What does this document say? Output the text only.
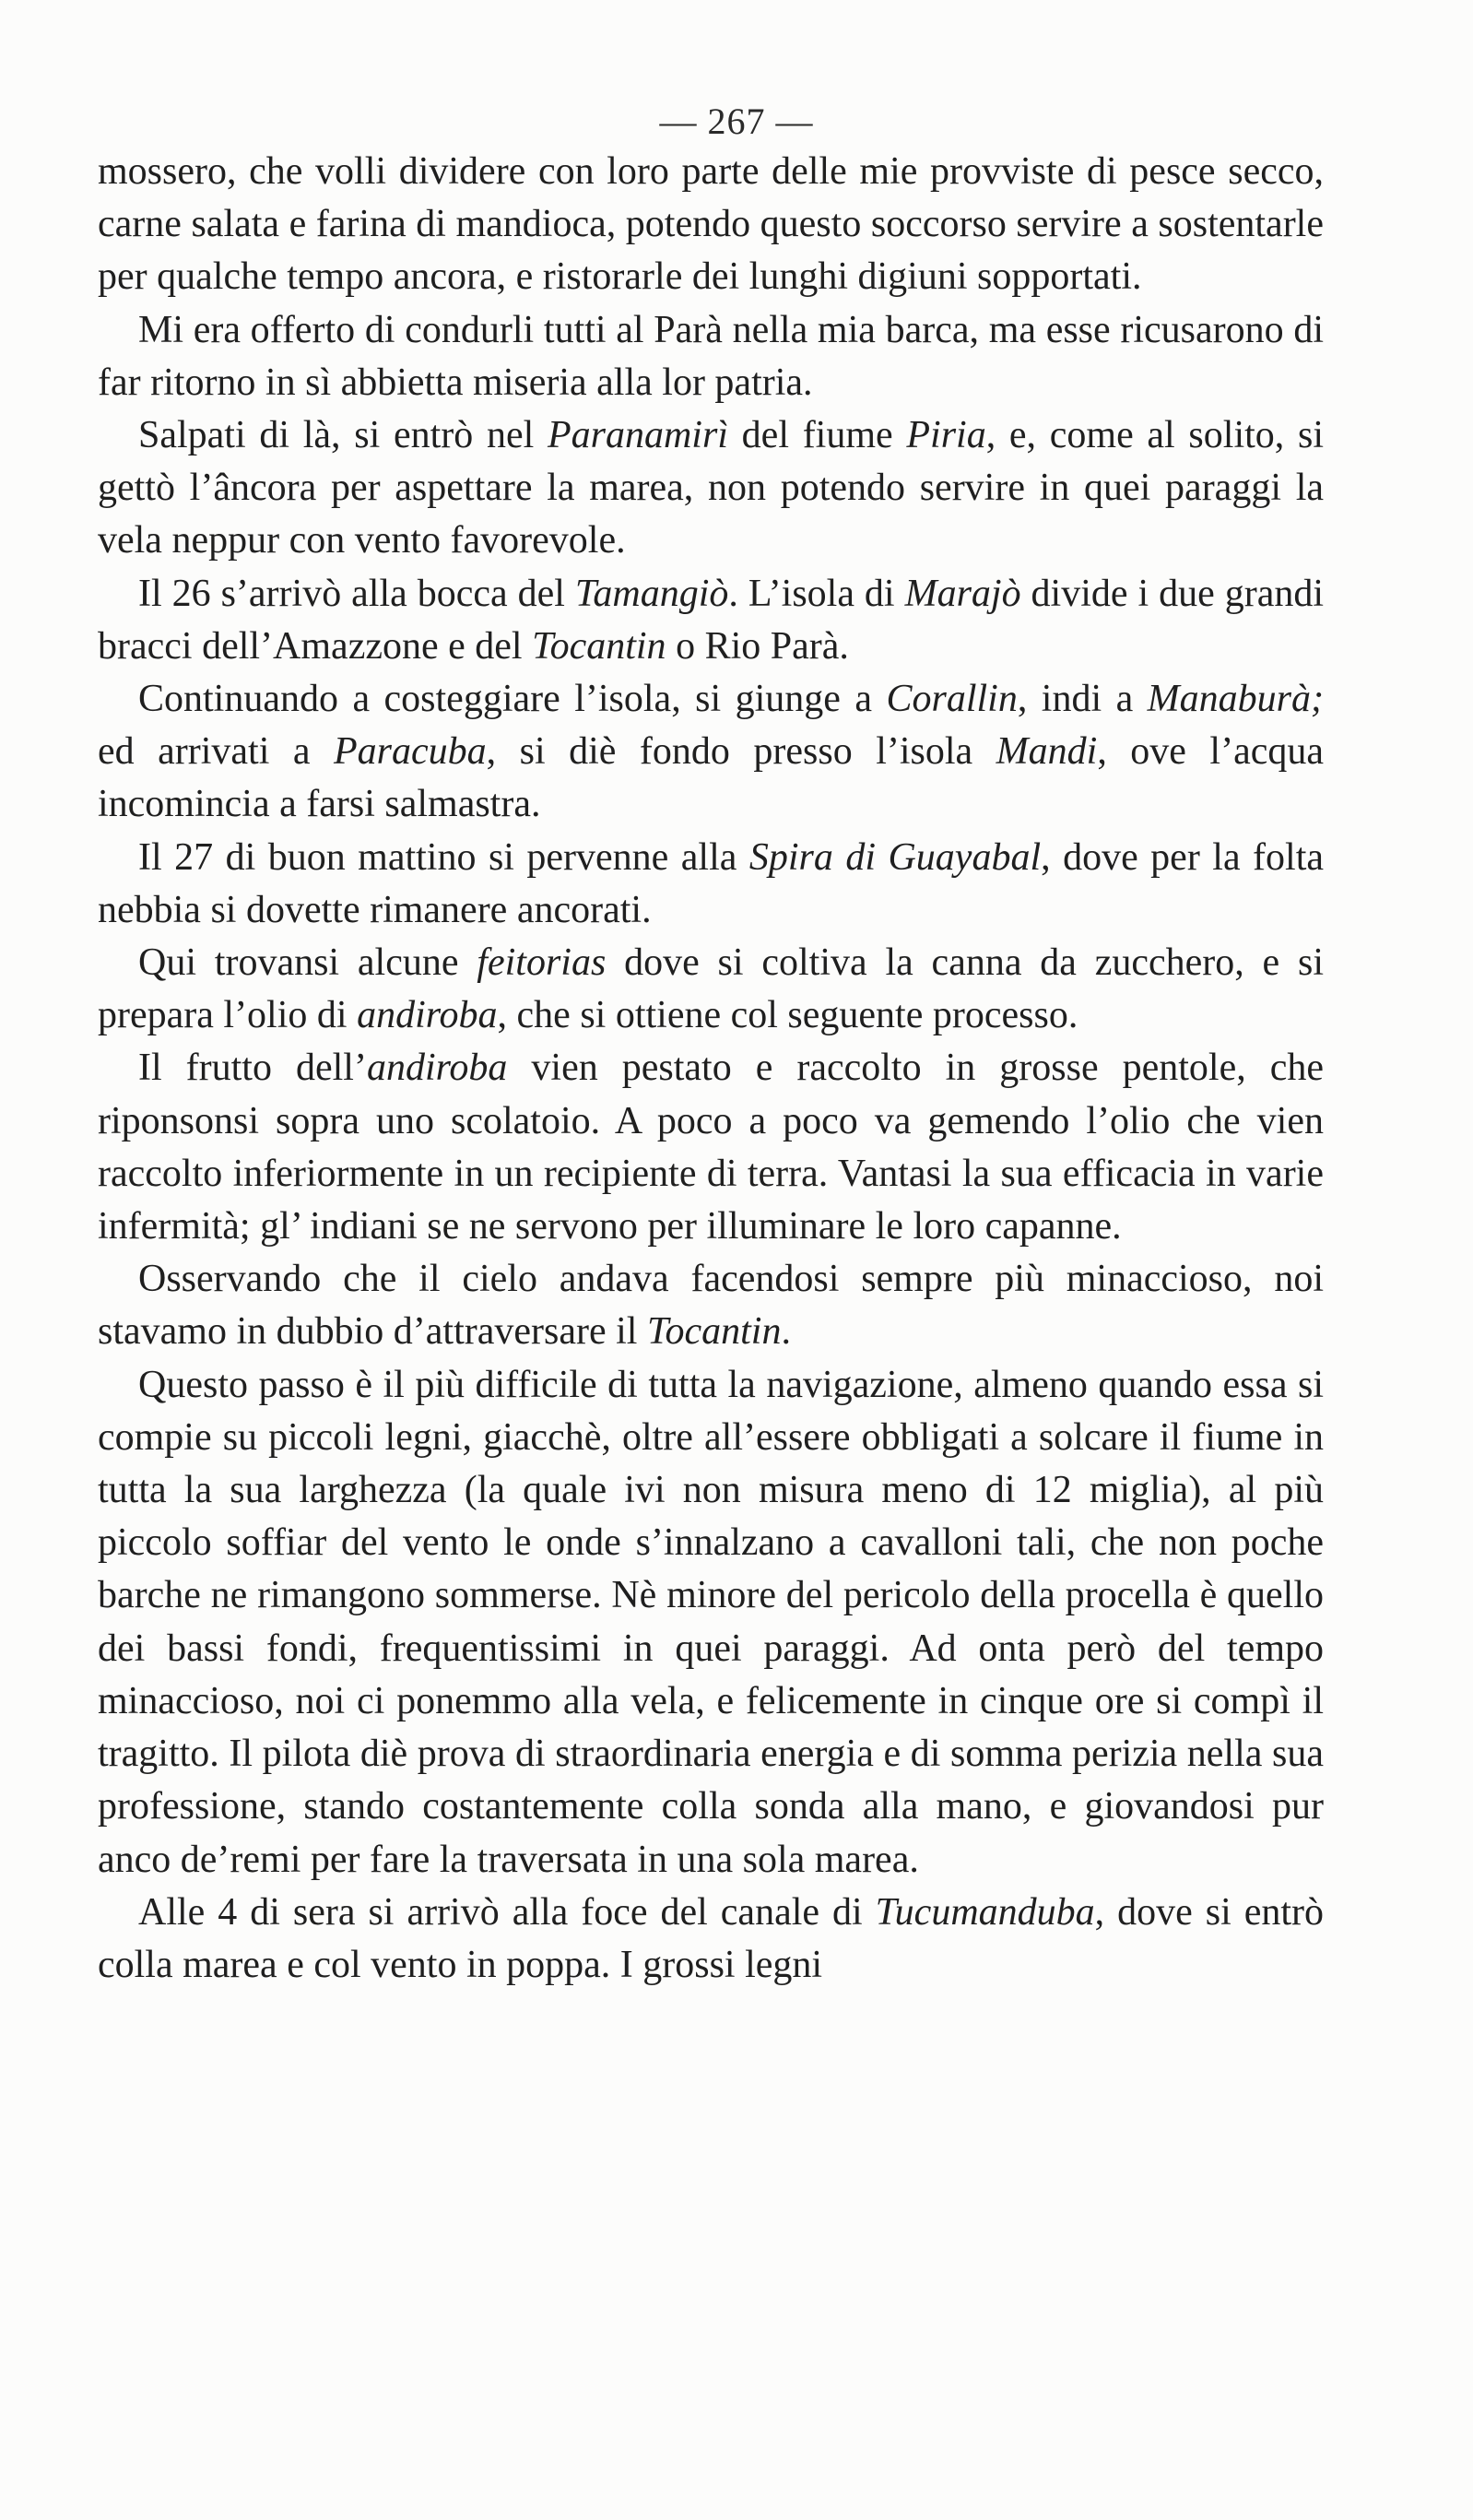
— 267 —

mossero, che volli dividere con loro parte delle mie provviste di pesce secco, carne salata e farina di mandioca, potendo questo soccorso servire a sostentarle per qualche tempo ancora, e ristorarle dei lunghi digiuni sopportati.

Mi era offerto di condurli tutti al Parà nella mia barca, ma esse ricusarono di far ritorno in sì abbietta miseria alla lor patria.

Salpati di là, si entrò nel Paranamirì del fiume Piria, e, come al solito, si gettò l’âncora per aspettare la marea, non potendo servire in quei paraggi la vela neppur con vento favorevole.

Il 26 s’arrivò alla bocca del Tamangiò. L’isola di Marajò divide i due grandi bracci dell’Amazzone e del Tocantin o Rio Parà.

Continuando a costeggiare l’isola, si giunge a Corallin, indi a Manaburà; ed arrivati a Paracuba, si diè fondo presso l’isola Mandi, ove l’acqua incomincia a farsi salmastra.

Il 27 di buon mattino si pervenne alla Spira di Guayabal, dove per la folta nebbia si dovette rimanere ancorati.

Qui trovansi alcune feitorias dove si coltiva la canna da zucchero, e si prepara l’olio di andiroba, che si ottiene col seguente processo.

Il frutto dell’andiroba vien pestato e raccolto in grosse pentole, che riponsonsi sopra uno scolatoio. A poco a poco va gemendo l’olio che vien raccolto inferiormente in un recipiente di terra. Vantasi la sua efficacia in varie infermità; gl’ indiani se ne servono per illuminare le loro capanne.

Osservando che il cielo andava facendosi sempre più minaccioso, noi stavamo in dubbio d’attraversare il Tocantin.

Questo passo è il più difficile di tutta la navigazione, almeno quando essa si compie su piccoli legni, giacchè, oltre all’essere obbligati a solcare il fiume in tutta la sua larghezza (la quale ivi non misura meno di 12 miglia), al più piccolo soffiar del vento le onde s’innalzano a cavalloni tali, che non poche barche ne rimangono sommerse. Nè minore del pericolo della procella è quello dei bassi fondi, frequentissimi in quei paraggi. Ad onta però del tempo minaccioso, noi ci ponemmo alla vela, e felicemente in cinque ore si compì il tragitto. Il pilota diè prova di straordinaria energia e di somma perizia nella sua professione, stando costantemente colla sonda alla mano, e giovandosi pur anco de’remi per fare la traversata in una sola marea.

Alle 4 di sera si arrivò alla foce del canale di Tucumanduba, dove si entrò colla marea e col vento in poppa. I grossi legni
